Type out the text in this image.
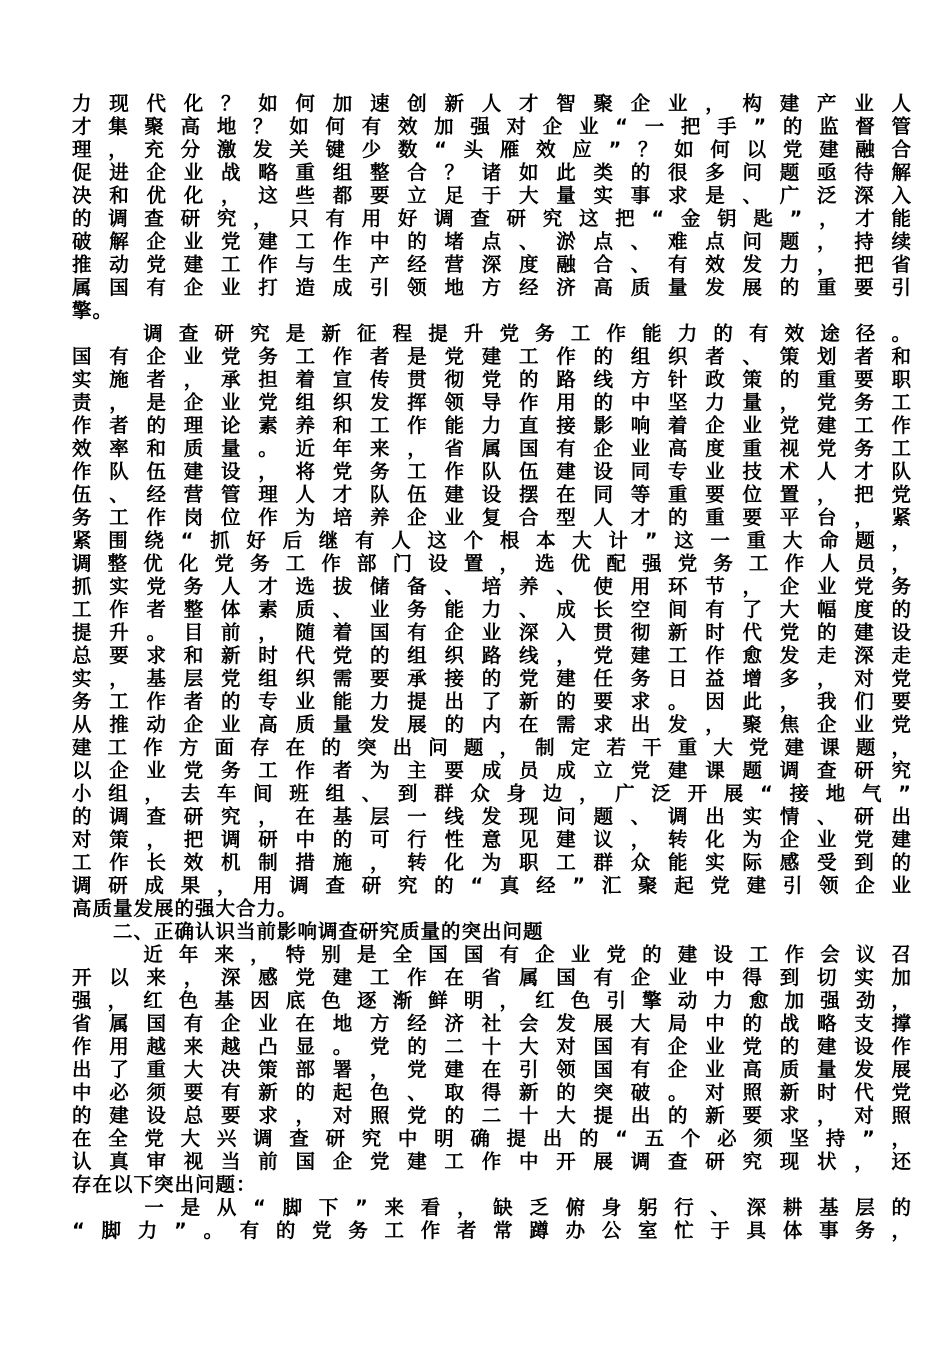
力现代化？如何加速创新人才智聚企业，构建产业人
才集聚高地？如何有效加强对企业“一把手”的监督管
理，充分激发关键少数“头雁效应”？如何以党建融合
促进企业战略重组整合？诸如此类的很多问题亟待解
决和优化，这些都要立足于大量实事求是、广泛深入
的调查研究，只有用好调查研究这把“金钥匙”，才能
破解企业党建工作中的堵点、淤点、难点问题，持续
推动党建工作与生产经营深度融合、有效发力，把省
属国有企业打造成引领地方经济高质量发展的重要引
擎。
　　调查研究是新征程提升党务工作能力的有效途径。
国有企业党务工作者是党建工作的组织者、策划者和
实施者，承担着宣传贯彻党的路线方针政策的重要职
责，是企业党组织发挥领导作用的中坚力量，党务工
作者的理论素养和工作能力直接影响着企业党建工作
效率和质量。近年来，省属国有企业高度重视党务工
作队伍建设，将党务工作队伍建设同专业技术人才队
伍、经营管理人才队伍建设摆在同等重要位置，把党
务工作岗位作为培养企业复合型人才的重要平台，紧
紧围绕“抓好后继有人这个根本大计”这一重大命题，
调整优化党务工作部门设置，选优配强党务工作人员，
抓实党务人才选拔储备、培养、使用环节，企业党务
工作者整体素质、业务能力、成长空间有了大幅度的
提升。目前，随着国有企业深入贯彻新时代党的建设
总要求和新时代党的组织路线，党建工作愈发走深走
实，基层党组织需要承接的党建任务日益增多，对党
务工作者的专业能力提出了新的要求。因此，我们要
从推动企业高质量发展的内在需求出发，聚焦企业党
建工作方面存在的突出问题，制定若干重大党建课题，
以企业党务工作者为主要成员成立党建课题调查研究
小组，去车间班组、到群众身边，广泛开展“接地气”
的调查研究，在基层一线发现问题、调出实情、研出
对策，把调研中的可行性意见建议，转化为企业党建
工作长效机制措施，转化为职工群众能实际感受到的
调研成果，用调查研究的“真经”汇聚起党建引领企业
高质量发展的强大合力。
　　二、正确认识当前影响调查研究质量的突出问题
　　近年来，特别是全国国有企业党的建设工作会议召
开以来，深感党建工作在省属国有企业中得到切实加
强，红色基因底色逐渐鲜明，红色引擎动力愈加强劲，
省属国有企业在地方经济社会发展大局中的战略支撑
作用越来越凸显。党的二十大对国有企业党的建设作
出了重大决策部署，党建在引领国有企业高质量发展
中必须要有新的起色、取得新的突破。对照新时代党
的建设总要求，对照党的二十大提出的新要求，对照
在全党大兴调查研究中明确提出的“五个必须坚持”，
认真审视当前国企党建工作中开展调查研究现状，还
存在以下突出问题：
　　一是从“脚下”来看，缺乏俯身躬行、深耕基层的
“脚力”。有的党务工作者常蹲办公室忙于具体事务，
